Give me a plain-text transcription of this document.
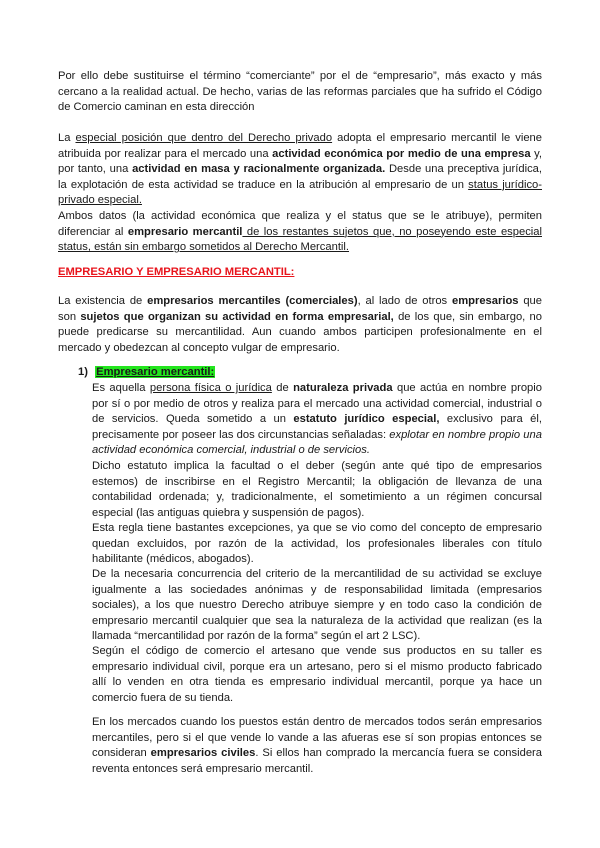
Por ello debe sustituirse el término “comerciante” por el de “empresario”, más exacto y más cercano a la realidad actual. De hecho, varias de las reformas parciales que ha sufrido el Código de Comercio caminan en esta dirección

La especial posición que dentro del Derecho privado adopta el empresario mercantil le viene atribuida por realizar para el mercado una actividad económica por medio de una empresa y, por tanto, una actividad en masa y racionalmente organizada. Desde una preceptiva jurídica, la explotación de esta actividad se traduce en la atribución al empresario de un status jurídico-privado especial.

Ambos datos (la actividad económica que realiza y el status que se le atribuye), permiten diferenciar al empresario mercantil de los restantes sujetos que, no poseyendo este especial status, están sin embargo sometidos al Derecho Mercantil.

EMPRESARIO Y EMPRESARIO MERCANTIL:

La existencia de empresarios mercantiles (comerciales), al lado de otros empresarios que son sujetos que organizan su actividad en forma empresarial, de los que, sin embargo, no puede predicarse su mercantilidad. Aun cuando ambos participen profesionalmente en el mercado y obedezcan al concepto vulgar de empresario.

1) Empresario mercantil:

Es aquella persona física o jurídica de naturaleza privada que actúa en nombre propio por sí o por medio de otros y realiza para el mercado una actividad comercial, industrial o de servicios. Queda sometido a un estatuto jurídico especial, exclusivo para él, precisamente por poseer las dos circunstancias señaladas: explotar en nombre propio una actividad económica comercial, industrial o de servicios.

Dicho estatuto implica la facultad o el deber (según ante qué tipo de empresarios estemos) de inscribirse en el Registro Mercantil; la obligación de llevanza de una contabilidad ordenada; y, tradicionalmente, el sometimiento a un régimen concursal especial (las antiguas quiebra y suspensión de pagos).

Esta regla tiene bastantes excepciones, ya que se vio como del concepto de empresario quedan excluidos, por razón de la actividad, los profesionales liberales con título habilitante (médicos, abogados).

De la necesaria concurrencia del criterio de la mercantilidad de su actividad se excluye igualmente a las sociedades anónimas y de responsabilidad limitada (empresarios sociales), a los que nuestro Derecho atribuye siempre y en todo caso la condición de empresario mercantil cualquier que sea la naturaleza de la actividad que realizan (es la llamada “mercantilidad por razón de la forma” según el art 2 LSC).

Según el código de comercio el artesano que vende sus productos en su taller es empresario individual civil, porque era un artesano, pero si el mismo producto fabricado allí lo venden en otra tienda es empresario individual mercantil, porque ya hace un comercio fuera de su tienda.

En los mercados cuando los puestos están dentro de mercados todos serán empresarios mercantiles, pero si el que vende lo vande a las afueras ese sí son propias entonces se consideran empresarios civiles. Si ellos han comprado la mercancía fuera se considera reventa entonces será empresario mercantil.
